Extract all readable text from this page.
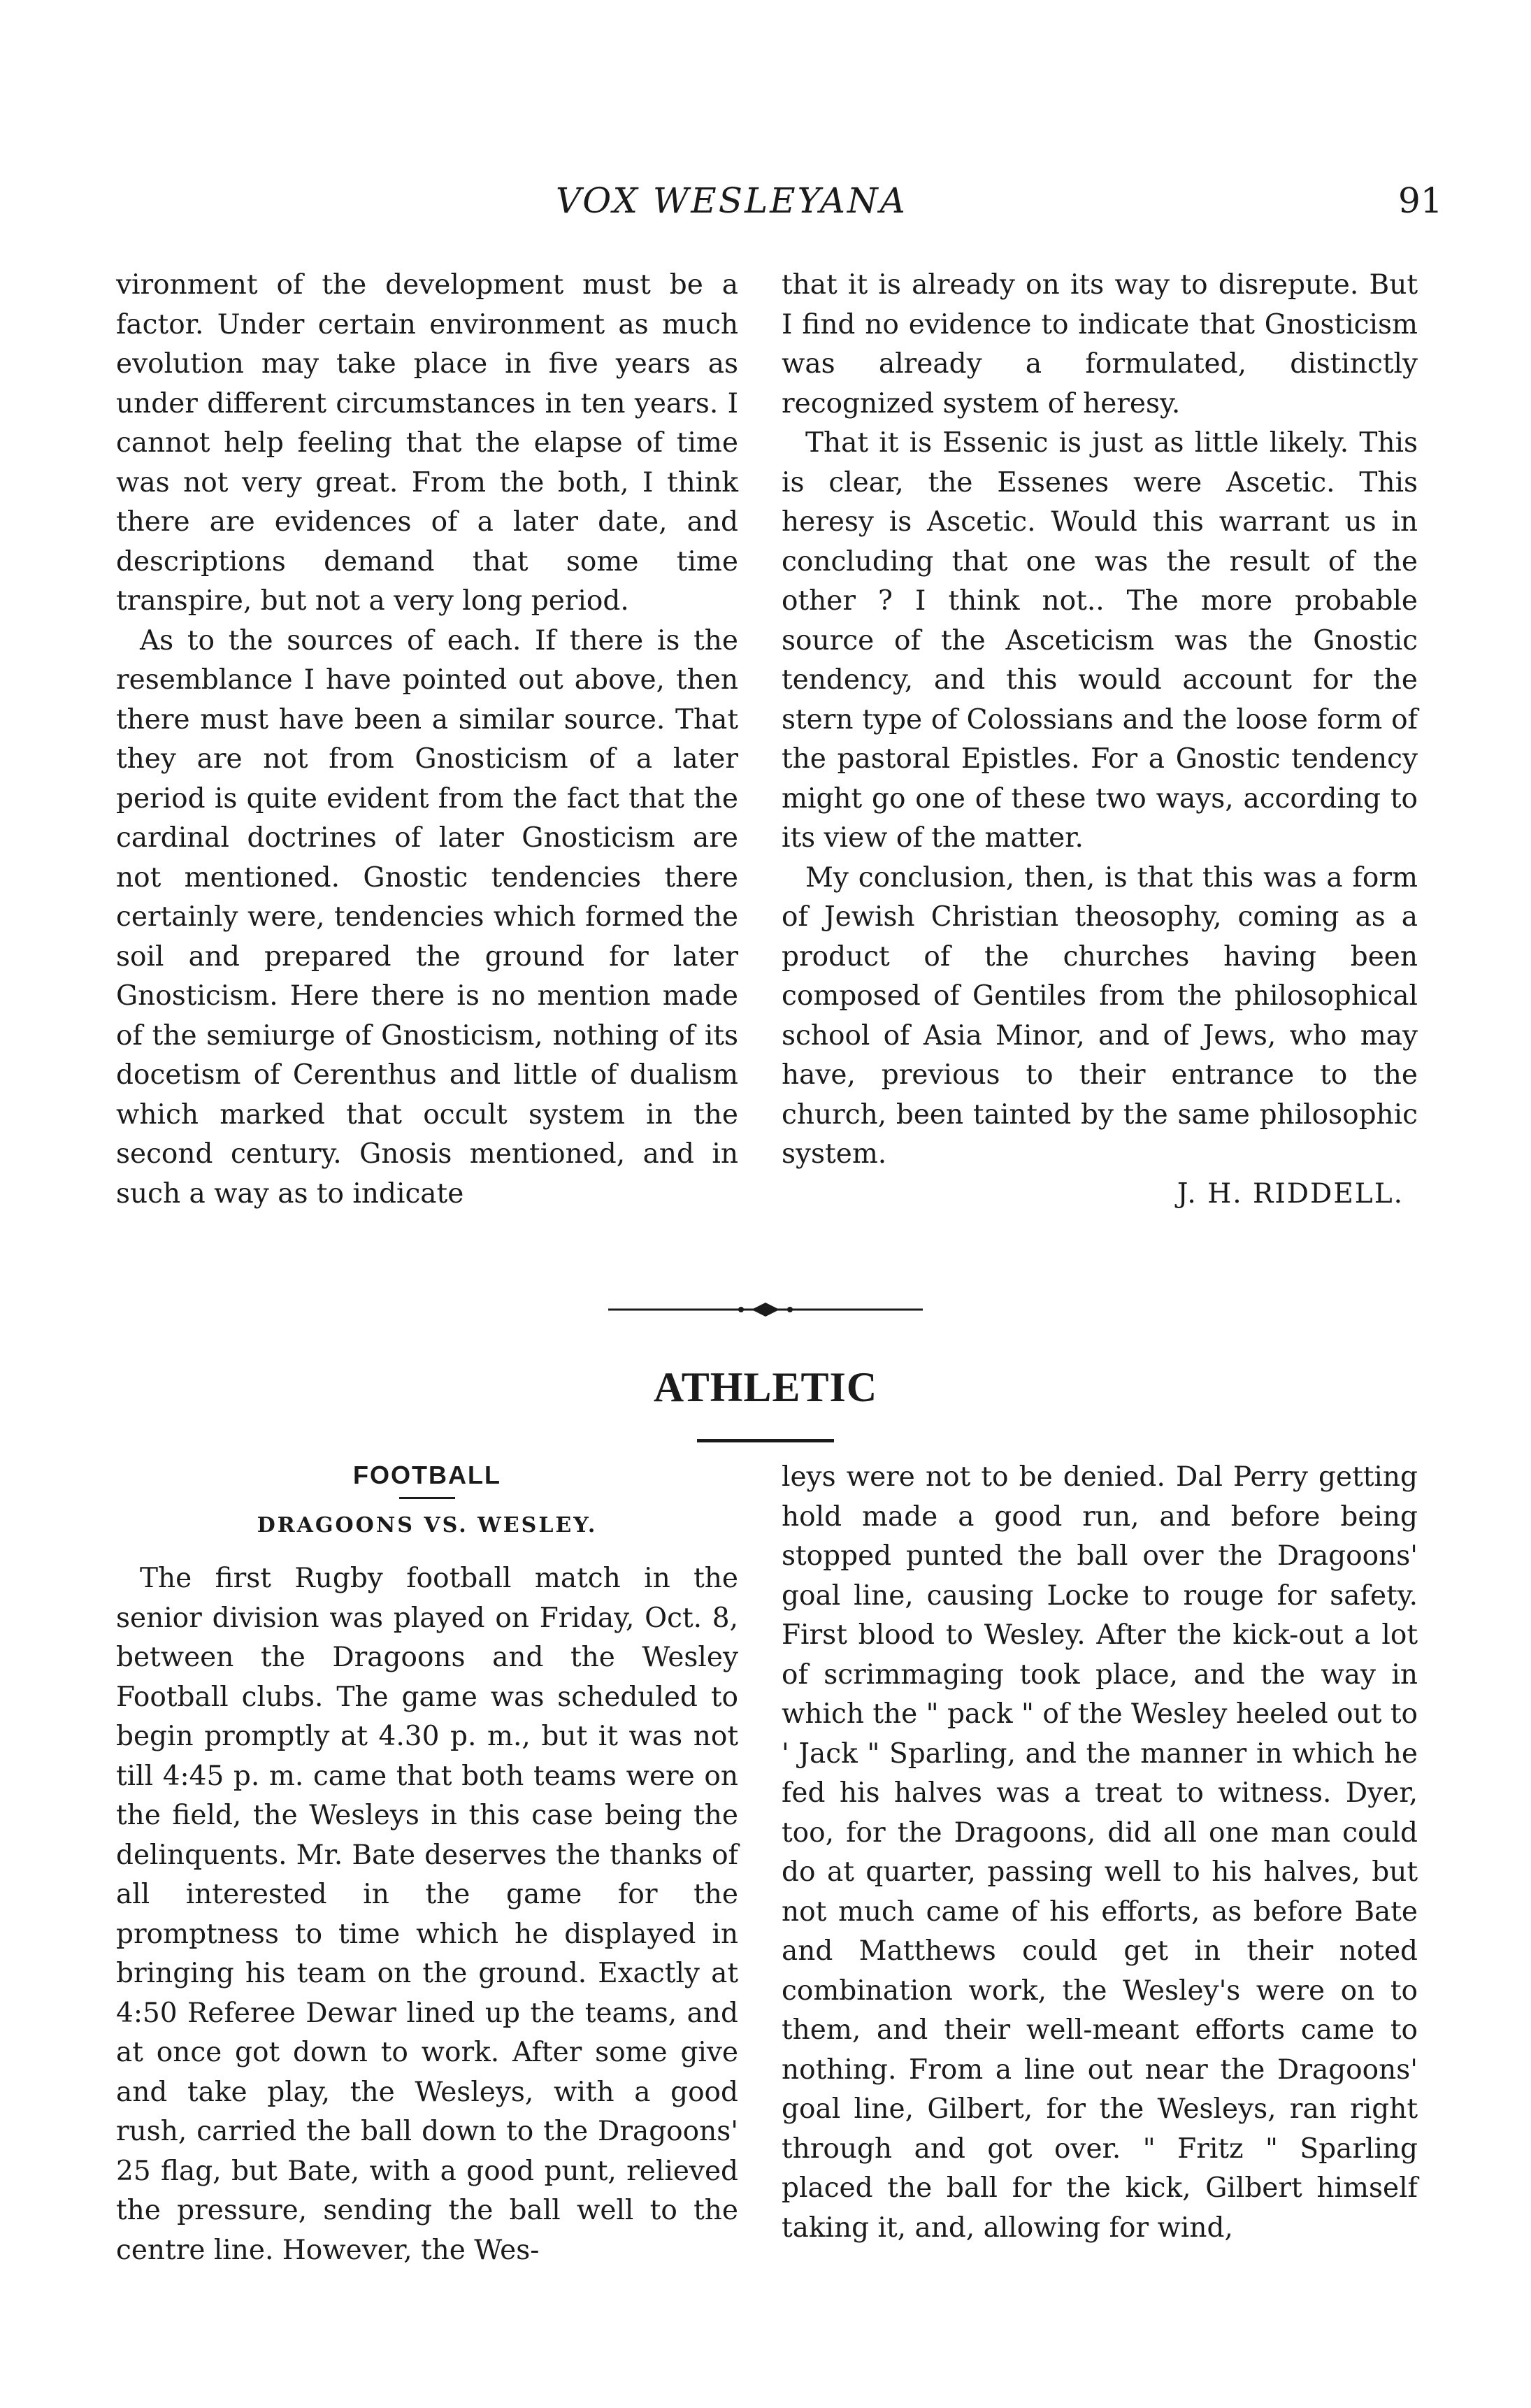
VOX WESLEYANA	91

vironment of the development must be a factor. Under certain environment as much evolution may take place in five years as under different circumstances in ten years. I cannot help feeling that the elapse of time was not very great. From the both, I think there are evidences of a later date, and descriptions demand that some time transpire, but not a very long period.

As to the sources of each. If there is the resemblance I have pointed out above, then there must have been a similar source. That they are not from Gnosticism of a later period is quite evident from the fact that the cardinal doctrines of later Gnosticism are not mentioned. Gnostic tendencies there certainly were, tendencies which formed the soil and prepared the ground for later Gnosticism. Here there is no mention made of the semiurge of Gnosticism, nothing of its docetism of Cerenthus and little of dualism which marked that occult system in the second century. Gnosis mentioned, and in such a way as to indicate

that it is already on its way to disrepute. But I find no evidence to indicate that Gnosticism was already a formulated, distinctly recognized system of heresy.

That it is Essenic is just as little likely. This is clear, the Essenes were Ascetic. This heresy is Ascetic. Would this warrant us in concluding that one was the result of the other ? I think not.. The more probable source of the Asceticism was the Gnostic tendency, and this would account for the stern type of Colossians and the loose form of the pastoral Epistles. For a Gnostic tendency might go one of these two ways, according to its view of the matter.

My conclusion, then, is that this was a form of Jewish Christian theosophy, coming as a product of the churches having been composed of Gentiles from the philosophical school of Asia Minor, and of Jews, who may have, previous to their entrance to the church, been tainted by the same philosophic system.

J. H. RIDDELL.
ATHLETIC
FOOTBALL
DRAGOONS VS. WESLEY.

The first Rugby football match in the senior division was played on Friday, Oct. 8, between the Dragoons and the Wesley Football clubs. The game was scheduled to begin promptly at 4.30 p. m., but it was not till 4:45 p. m. came that both teams were on the field, the Wesleys in this case being the delinquents. Mr. Bate deserves the thanks of all interested in the game for the promptness to time which he displayed in bringing his team on the ground. Exactly at 4:50 Referee Dewar lined up the teams, and at once got down to work. After some give and take play, the Wesleys, with a good rush, carried the ball down to the Dragoons' 25 flag, but Bate, with a good punt, relieved the pressure, sending the ball well to the centre line. However, the Wes-

leys were not to be denied. Dal Perry getting hold made a good run, and before being stopped punted the ball over the Dragoons' goal line, causing Locke to rouge for safety. First blood to Wesley. After the kick-out a lot of scrimmaging took place, and the way in which the " pack " of the Wesley heeled out to ' Jack " Sparling, and the manner in which he fed his halves was a treat to witness. Dyer, too, for the Dragoons, did all one man could do at quarter, passing well to his halves, but not much came of his efforts, as before Bate and Matthews could get in their noted combination work, the Wesley's were on to them, and their well-meant efforts came to nothing. From a line out near the Dragoons' goal line, Gilbert, for the Wesleys, ran right through and got over. " Fritz " Sparling placed the ball for the kick, Gilbert himself taking it, and, allowing for wind,
